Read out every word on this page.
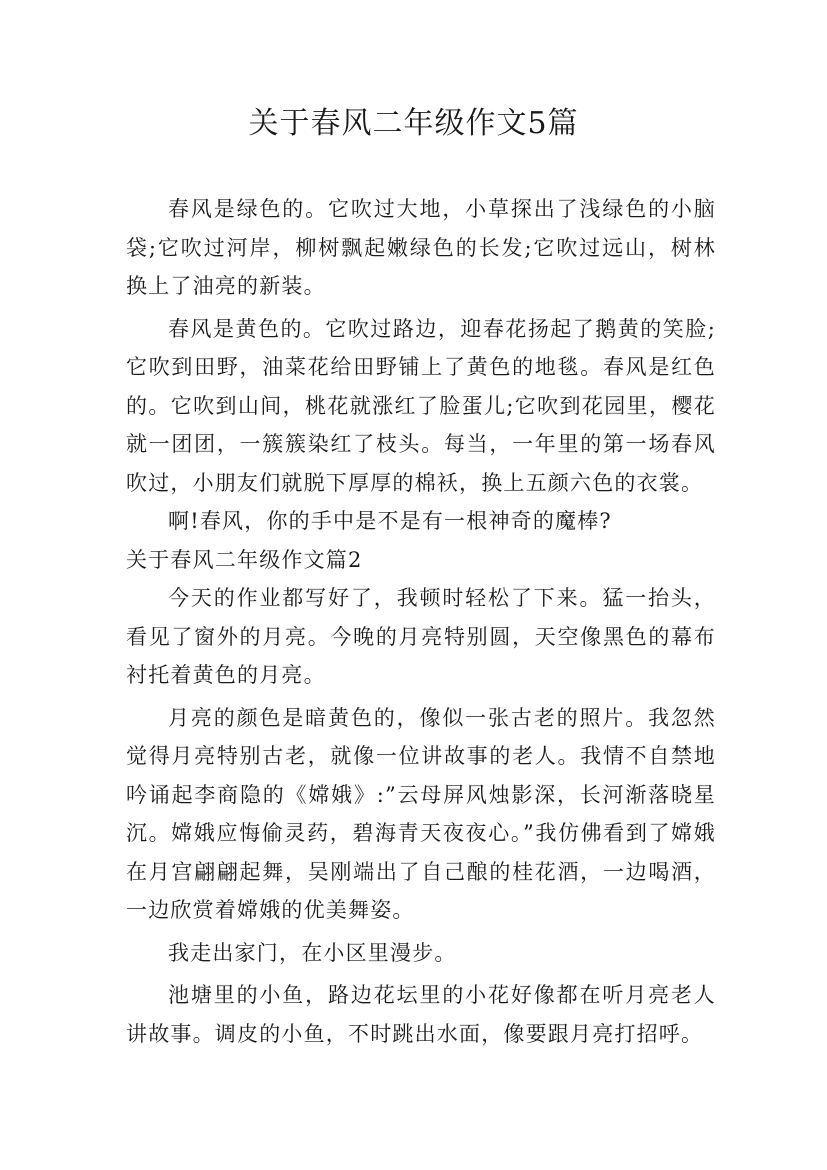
关于春风二年级作文5篇

春风是绿色的。它吹过大地，小草探出了浅绿色的小脑袋;它吹过河岸，柳树飘起嫩绿色的长发;它吹过远山，树林换上了油亮的新装。

春风是黄色的。它吹过路边，迎春花扬起了鹅黄的笑脸;它吹到田野，油菜花给田野铺上了黄色的地毯。春风是红色的。它吹到山间，桃花就涨红了脸蛋儿;它吹到花园里，樱花就一团团，一簇簇染红了枝头。每当，一年里的第一场春风吹过，小朋友们就脱下厚厚的棉袄，换上五颜六色的衣裳。

啊!春风，你的手中是不是有一根神奇的魔棒?

关于春风二年级作文篇2

今天的作业都写好了，我顿时轻松了下来。猛一抬头，看见了窗外的月亮。今晚的月亮特别圆，天空像黑色的幕布衬托着黄色的月亮。

月亮的颜色是暗黄色的，像似一张古老的照片。我忽然觉得月亮特别古老，就像一位讲故事的老人。我情不自禁地吟诵起李商隐的《嫦娥》:”云母屏风烛影深，长河渐落晓星沉。嫦娥应悔偷灵药，碧海青天夜夜心。”我仿佛看到了嫦娥在月宫翩翩起舞，吴刚端出了自己酿的桂花酒，一边喝酒，一边欣赏着嫦娥的优美舞姿。

我走出家门，在小区里漫步。

池塘里的小鱼，路边花坛里的小花好像都在听月亮老人讲故事。调皮的小鱼，不时跳出水面，像要跟月亮打招呼。
